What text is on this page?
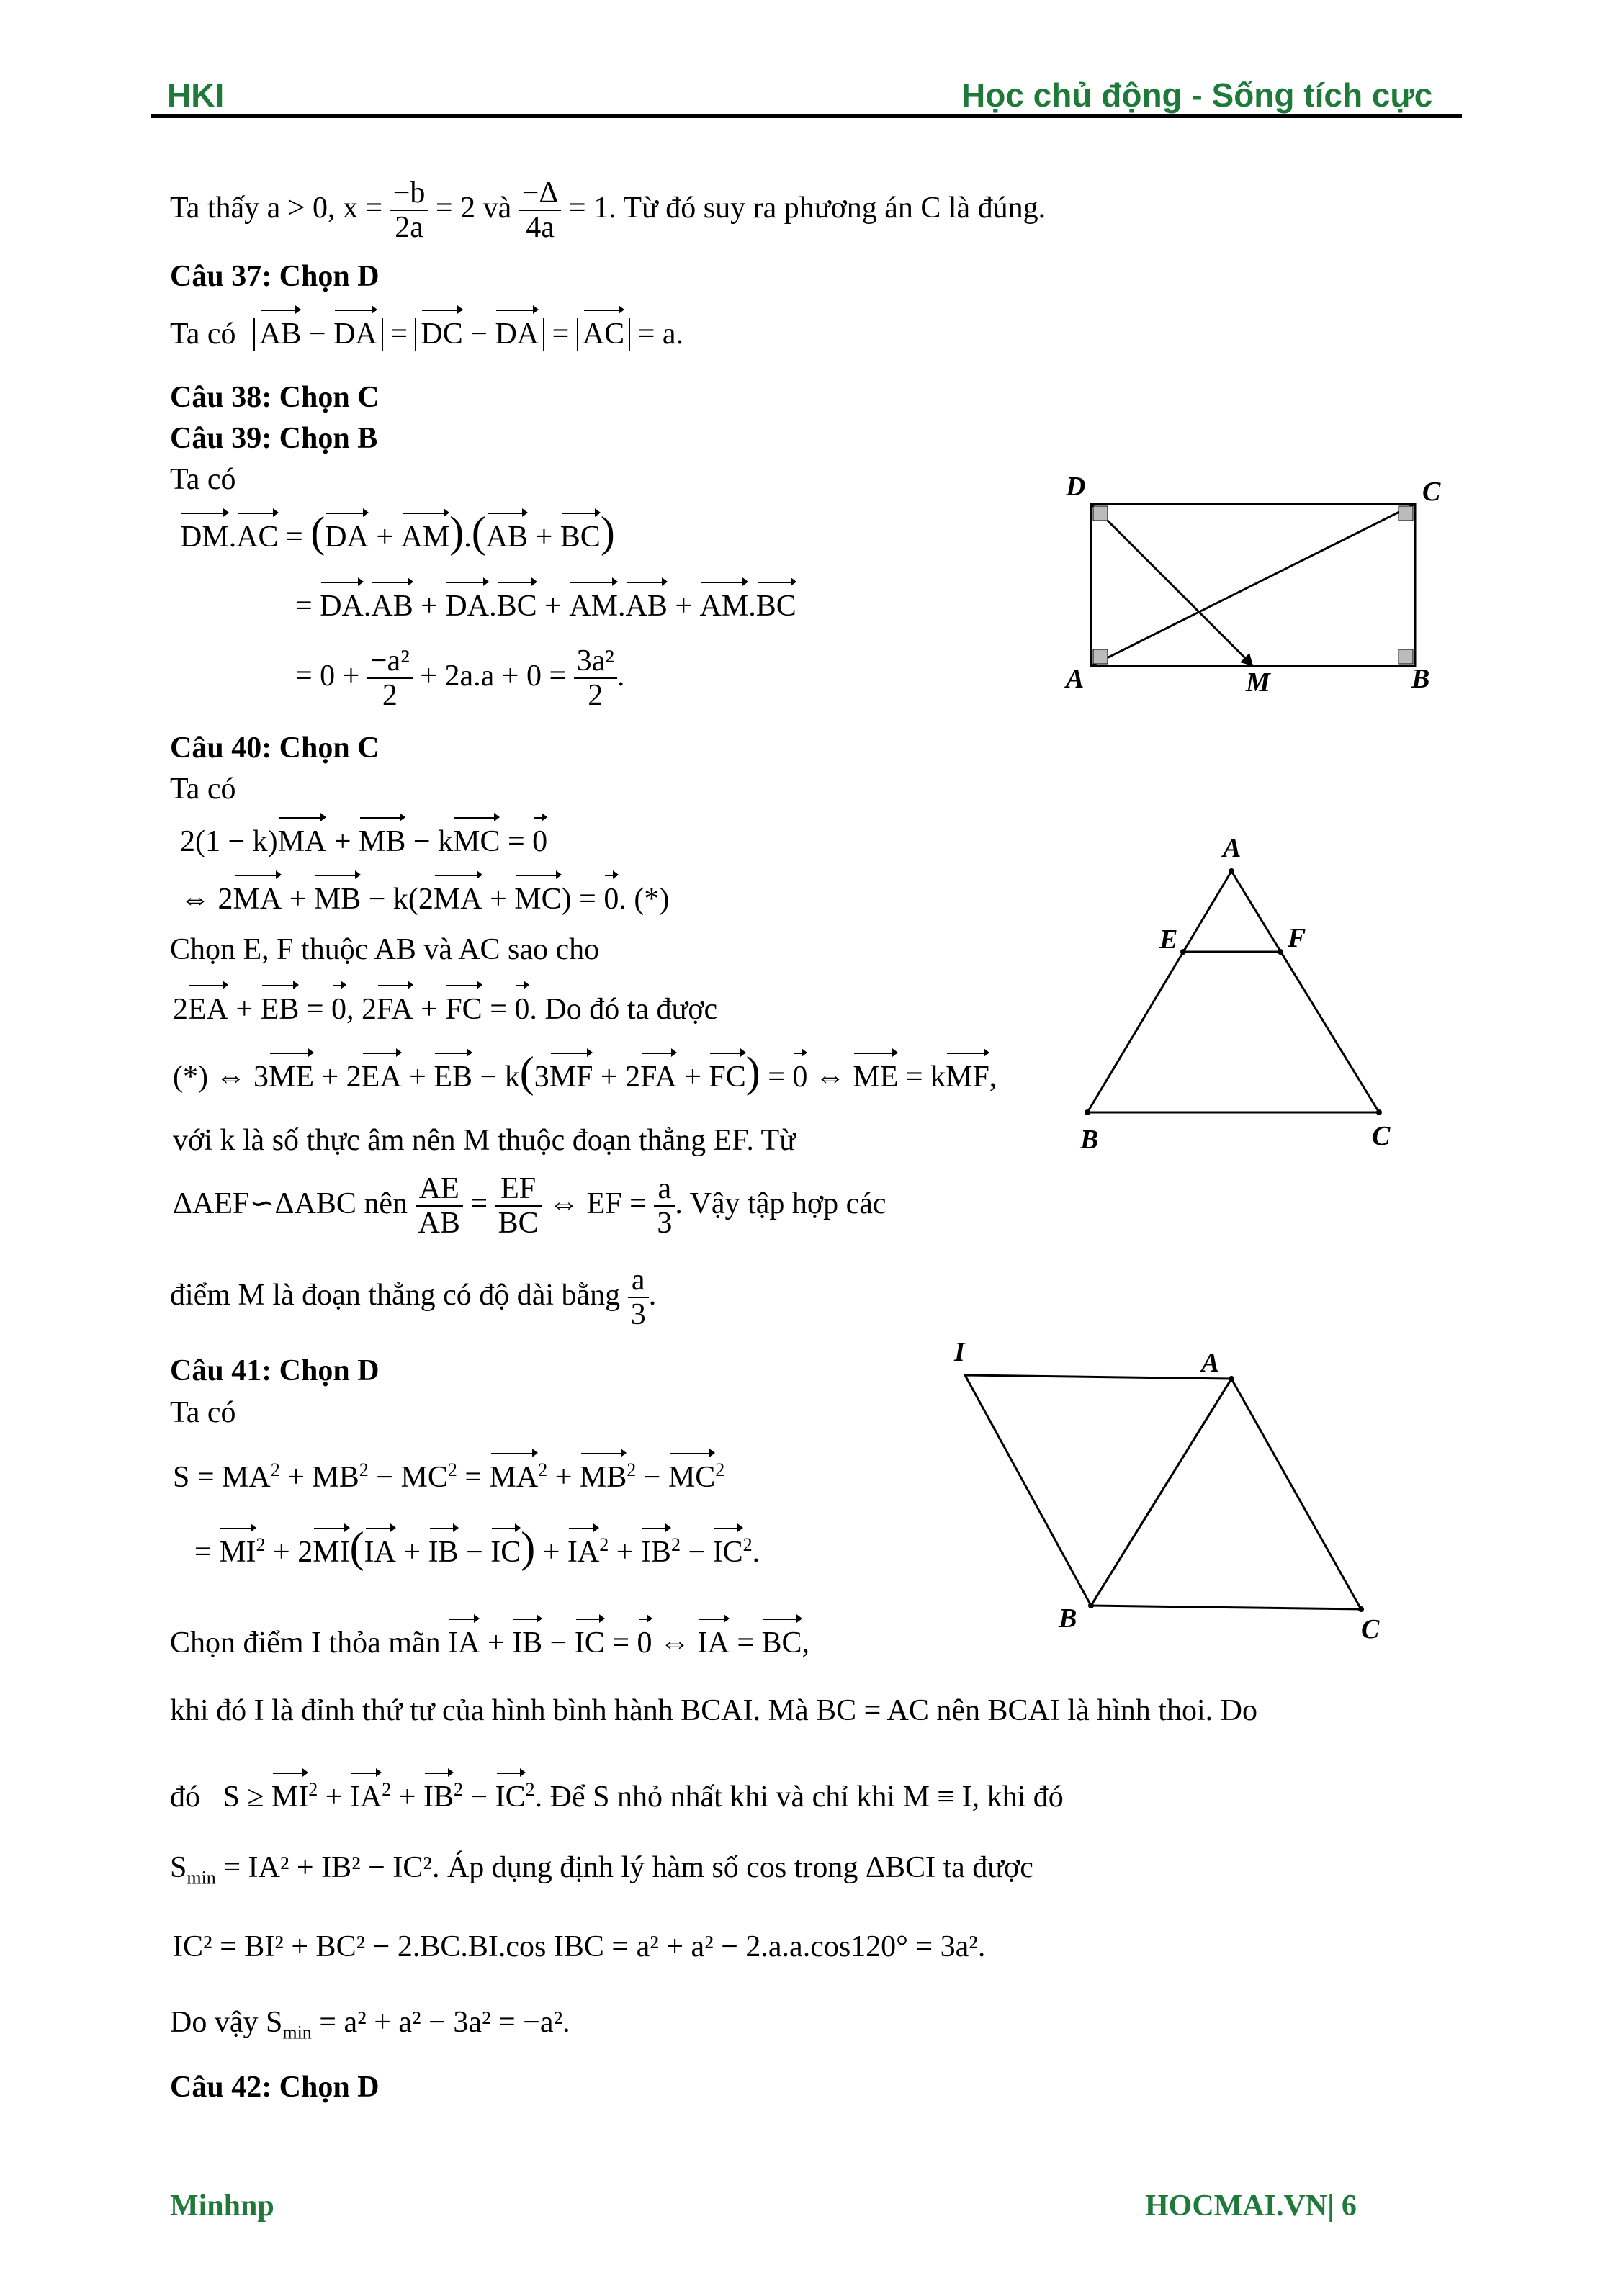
HKI	Học chủ động - Sống tích cực
Ta thấy a > 0, $x = \frac{-b}{2a} = 2$ và $\frac{-\Delta}{4a} = 1$. Từ đó suy ra phương án C là đúng.
Câu 37: Chọn D
Ta có AB − DA = DC − DA = AC = a.
Câu 38: Chọn C
Câu 39: Chọn B
Ta có
DM.AC = (DA + AM).(AB + BC)
= DA.AB + DA.BC + AM.AB + AM.BC
= $0 + \frac{\text{−a²}}{2} + 2a.a + 0 = \frac{\text{3a²}}{2}$ .
D	C
A	M	B
Câu 40: Chọn C
Ta có
2(1 − k)MA + MB − kMC = 0
⇔ 2MA + MB − k(2MA + MC) = 0. (*)
Chọn E, F thuộc AB và AC sao cho
2EA + EB = 0, 2FA + FC = 0. Do đó ta được
(*) ⇔ 3ME + 2EA + EB − k(3MF + 2FA + FC) = 0 ⇔ ME = kMF,
với k là số thực âm nên M thuộc đoạn thẳng EF. Từ
ΔAEF∽ΔABC nên $\frac{AE}{AB} = \frac{EF}{BC}$ ⇔ EF = $\frac{a}{3}$ . Vậy tập hợp các
điểm M là đoạn thẳng có độ dài bằng $\frac{a}{3}$ .
A
E	F
B	C
Câu 41: Chọn D
Ta có
$S = MA^2 + MB^2 - MC^2 = MA^2 + MB^2 - MC^2$
= $MI^2 + 2MI(IA$ + IB − $IC) + IA^2 + IB^2 - IC^2$.
Chọn điểm I thỏa mãn IA + IB − IC = 0 ⇔ IA = BC,
khi đó I là đỉnh thứ tư của hình bình hành BCAI. Mà BC = AC nên BCAI là hình thoi. Do
đó   $S \ge MI^2 + IA^2 + IB^2 - IC^2$. Để S nhỏ nhất khi và chỉ khi M ≡ I, khi đó
$S_{min} = IA^2 + IB^2 - IC^2$. Áp dụng định lý hàm số cos trong ΔBCI ta được
IC² = BI² + BC² − 2.BC.BI.cos IBC = a² + a² − 2.a.a.cos120° = 3a².
Do vậy $S_{min} = a^2 + a^2 - 3a^2 = -a^2$.
I	A
B	C
Câu 42: Chọn D
Minhnp	HOCMAI.VN| 6
